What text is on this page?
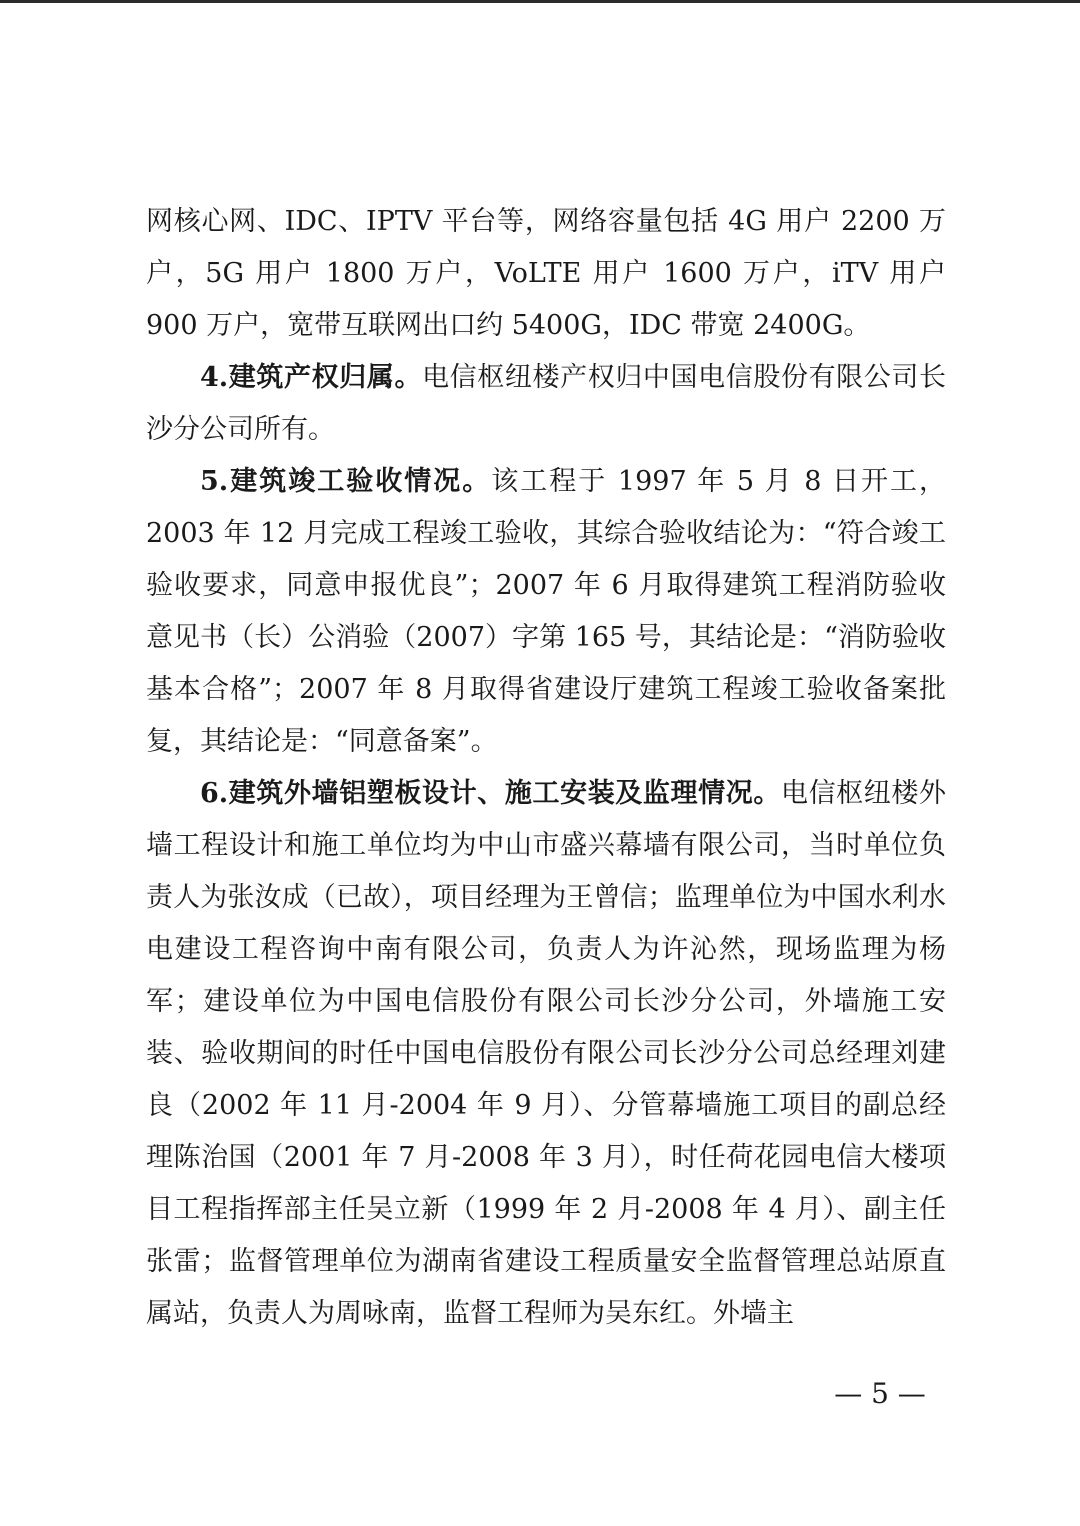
网核心网、IDC、IPTV 平台等，网络容量包括 4G 用户 2200 万户，5G 用户 1800 万户，VoLTE 用户 1600 万户，iTV 用户 900 万户，宽带互联网出口约 5400G，IDC 带宽 2400G。

4.建筑产权归属。电信枢纽楼产权归中国电信股份有限公司长沙分公司所有。

5.建筑竣工验收情况。该工程于 1997 年 5 月 8 日开工，2003 年 12 月完成工程竣工验收，其综合验收结论为：“符合竣工验收要求，同意申报优良”；2007 年 6 月取得建筑工程消防验收意见书（长）公消验（2007）字第 165 号，其结论是：“消防验收基本合格”；2007 年 8 月取得省建设厅建筑工程竣工验收备案批复，其结论是：“同意备案”。

6.建筑外墙铝塑板设计、施工安装及监理情况。电信枢纽楼外墙工程设计和施工单位均为中山市盛兴幕墙有限公司，当时单位负责人为张汝成（已故），项目经理为王曾信；监理单位为中国水利水电建设工程咨询中南有限公司，负责人为许沁然，现场监理为杨军；建设单位为中国电信股份有限公司长沙分公司，外墙施工安装、验收期间的时任中国电信股份有限公司长沙分公司总经理刘建良（2002 年 11 月-2004 年 9 月）、分管幕墙施工项目的副总经理陈治国（2001 年 7 月-2008 年 3 月），时任荷花园电信大楼项目工程指挥部主任吴立新（1999 年 2 月-2008 年 4 月）、副主任张雷；监督管理单位为湖南省建设工程质量安全监督管理总站原直属站，负责人为周咏南，监督工程师为吴东红。外墙主

— 5 —
